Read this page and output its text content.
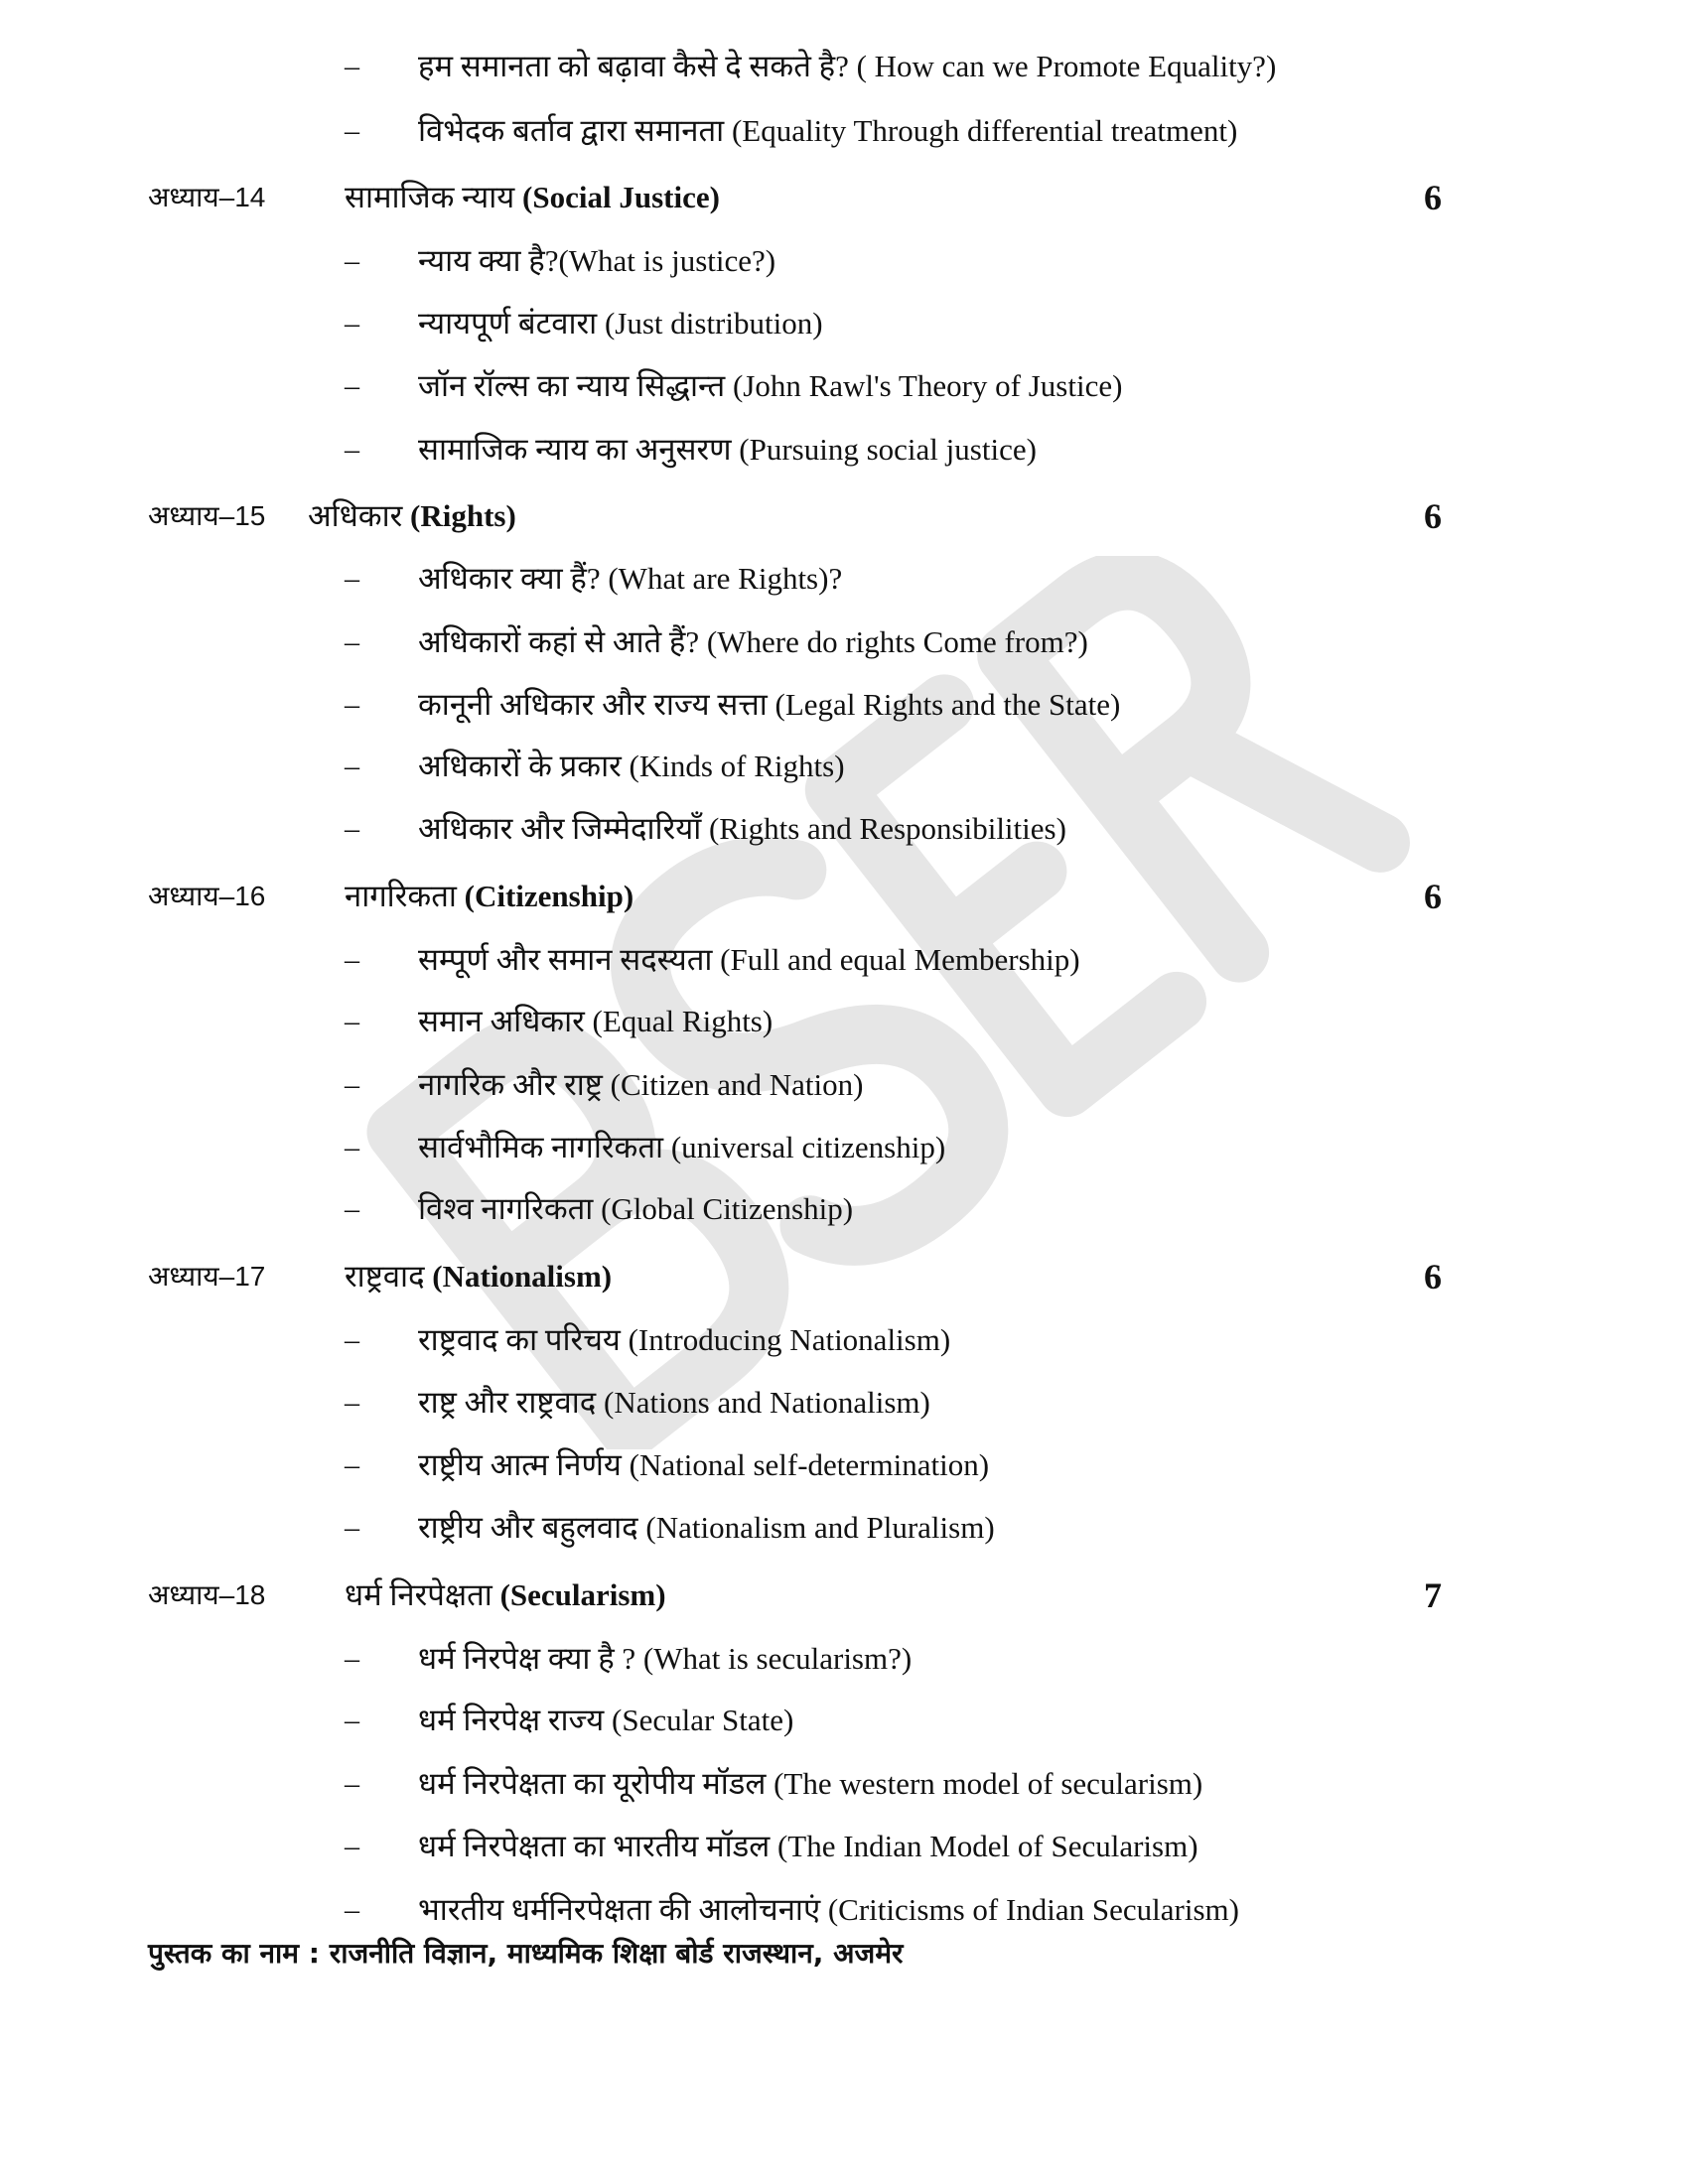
– हम समानता को बढ़ावा कैसे दे सकते है? ( How can we Promote Equality?)
– विभेदक बर्ताव द्वारा समानता (Equality Through differential treatment)
अध्याय–14	सामाजिक न्याय (Social Justice)	6
– न्याय क्या है?(What is justice?)
– न्यायपूर्ण बंटवारा (Just distribution)
– जॉन रॉल्स का न्याय सिद्धान्त (John Rawl's Theory of Justice)
– सामाजिक न्याय का अनुसरण (Pursuing social justice)
अध्याय–15 अधिकार (Rights)	6
– अधिकार क्या हैं? (What are Rights)?
– अधिकारों कहां से आते हैं? (Where do rights Come from?)
– कानूनी अधिकार और राज्य सत्ता (Legal Rights and the State)
– अधिकारों के प्रकार (Kinds of Rights)
– अधिकार और जिम्मेदारियाँ (Rights and Responsibilities)
अध्याय–16	नागरिकता (Citizenship)	6
– सम्पूर्ण और समान सदस्यता (Full and equal Membership)
– समान अधिकार (Equal Rights)
– नागरिक और राष्ट्र (Citizen and Nation)
– सार्वभौमिक नागरिकता (universal citizenship)
– विश्व नागरिकता (Global Citizenship)
अध्याय–17	राष्ट्रवाद (Nationalism)	6
– राष्ट्रवाद का परिचय (Introducing Nationalism)
– राष्ट्र और राष्ट्रवाद (Nations and Nationalism)
– राष्ट्रीय आत्म निर्णय (National self-determination)
– राष्ट्रीय और बहुलवाद (Nationalism and Pluralism)
अध्याय–18	धर्म निरपेक्षता (Secularism)	7
– धर्म निरपेक्ष क्या है ? (What is secularism?)
– धर्म निरपेक्ष राज्य (Secular State)
– धर्म निरपेक्षता का यूरोपीय मॉडल (The western model of secularism)
– धर्म निरपेक्षता का भारतीय मॉडल (The Indian Model of Secularism)
– भारतीय धर्मनिरपेक्षता की आलोचनाएं (Criticisms of Indian Secularism)
पुस्तक का नाम : राजनीति विज्ञान, माध्यमिक शिक्षा बोर्ड राजस्थान, अजमेर
